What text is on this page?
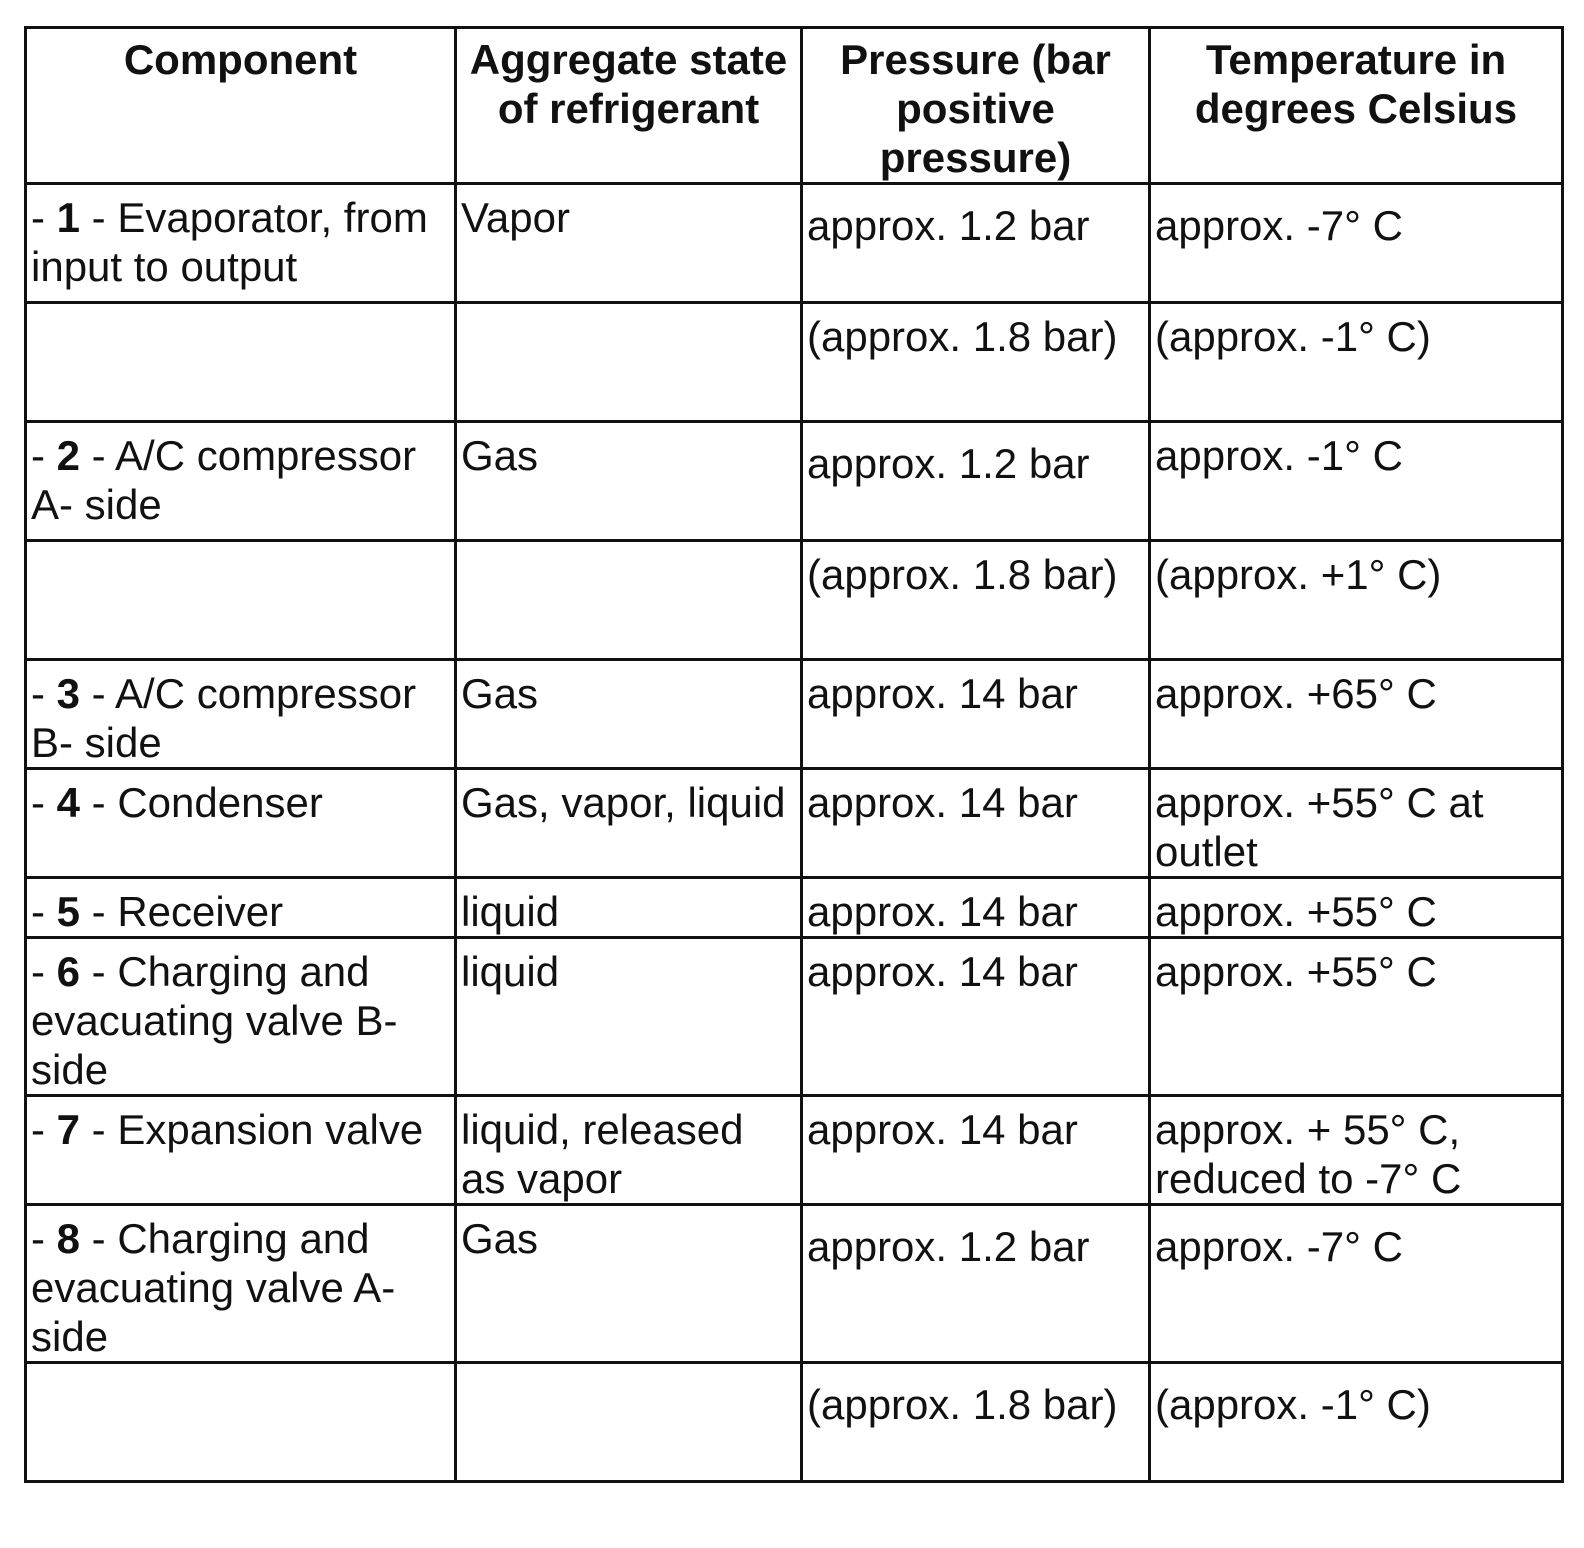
Component	Aggregate state of refrigerant	Pressure (bar positive pressure)	Temperature in degrees Celsius
- 1 - Evaporator, from input to output	Vapor	approx. 1.2 bar	approx. -7° C
		(approx. 1.8 bar)	(approx. -1° C)
- 2 - A/C compressor A- side	Gas	approx. 1.2 bar	approx. -1° C
		(approx. 1.8 bar)	(approx. +1° C)
- 3 - A/C compressor B- side	Gas	approx. 14 bar	approx. +65° C
- 4 - Condenser	Gas, vapor, liquid	approx. 14 bar	approx. +55° C at outlet
- 5 - Receiver	liquid	approx. 14 bar	approx. +55° C
- 6 - Charging and evacuating valve B-side	liquid	approx. 14 bar	approx. +55° C
- 7 - Expansion valve	liquid, released as vapor	approx. 14 bar	approx. + 55° C, reduced to -7° C
- 8 - Charging and evacuating valve A-side	Gas	approx. 1.2 bar	approx. -7° C
		(approx. 1.8 bar)	(approx. -1° C)
